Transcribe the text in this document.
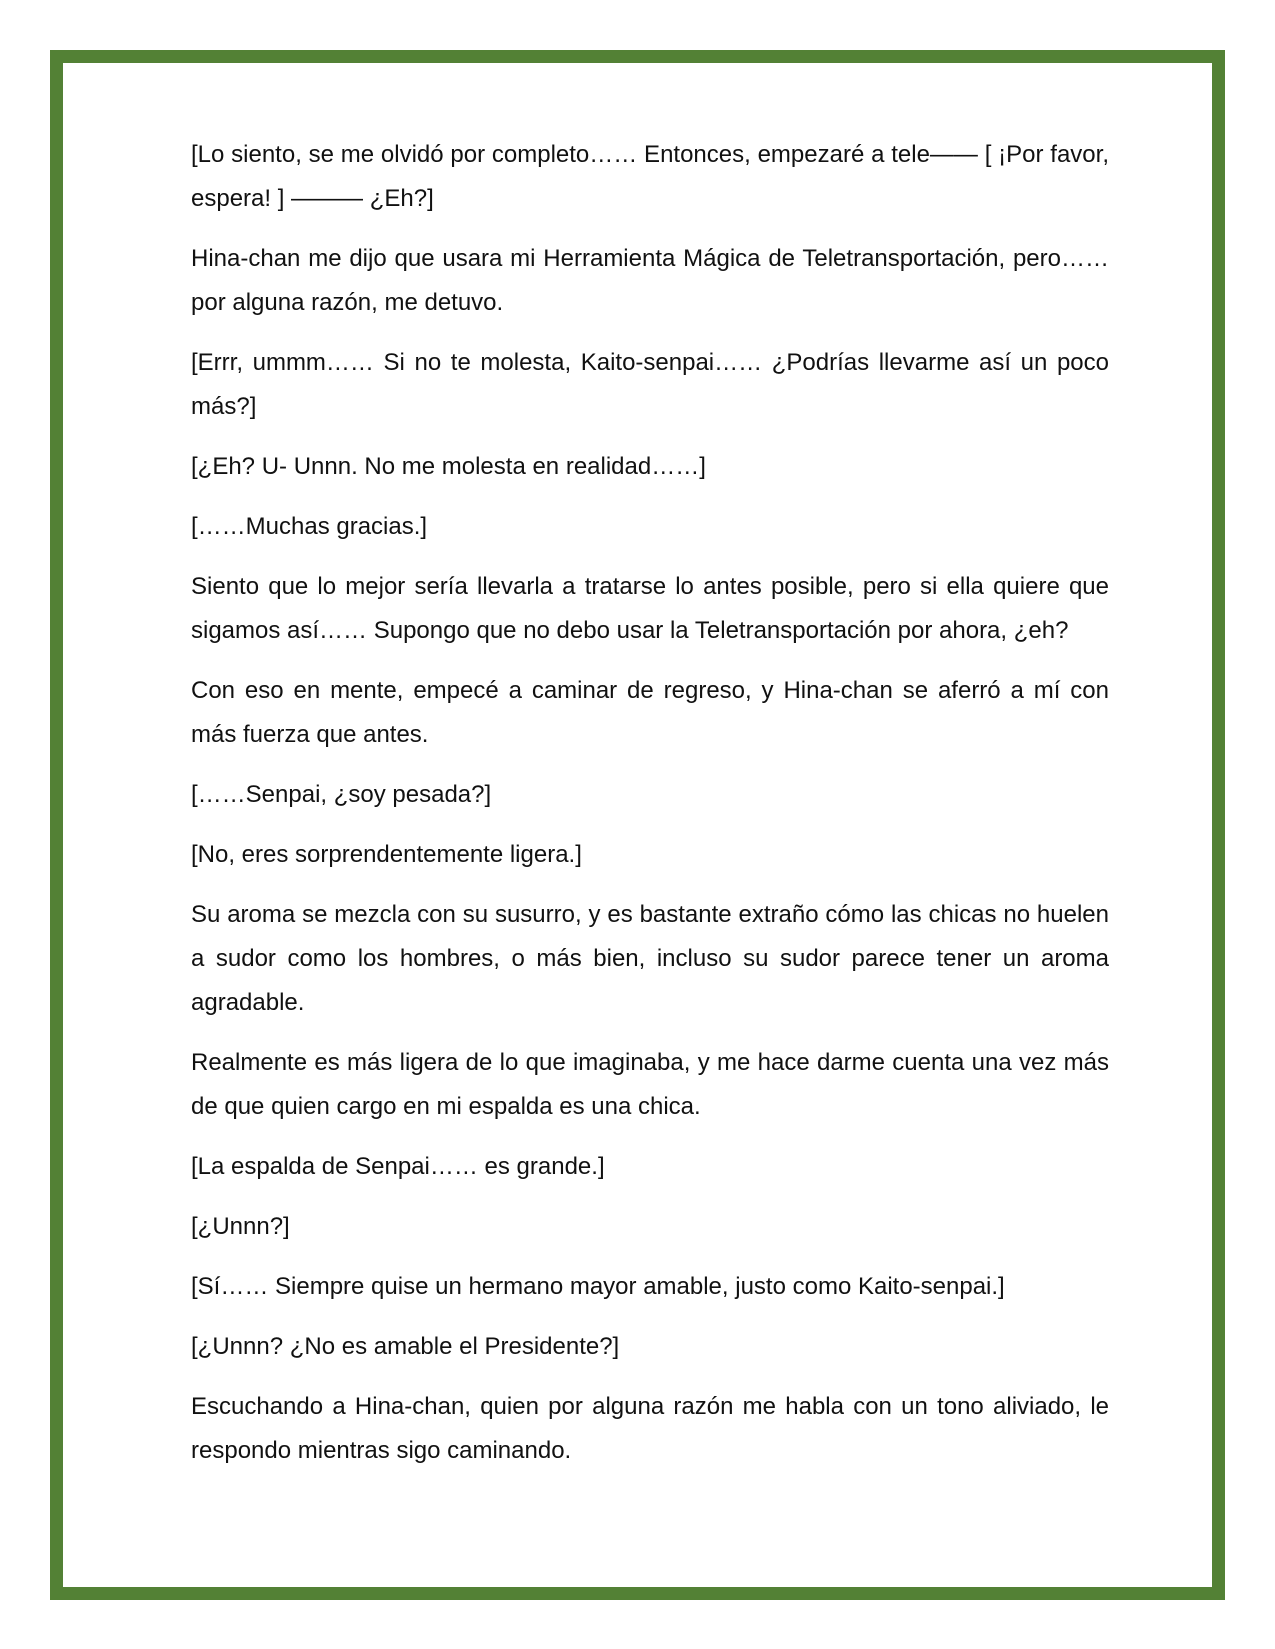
[Lo siento, se me olvidó por completo…… Entonces, empezaré a tele—— [ ¡Por favor, espera! ] ——— ¿Eh?]

Hina-chan me dijo que usara mi Herramienta Mágica de Teletransportación, pero…… por alguna razón, me detuvo.

[Errr, ummm…… Si no te molesta, Kaito-senpai…… ¿Podrías llevarme así un poco más?]

[¿Eh? U- Unnn. No me molesta en realidad……]

[……Muchas gracias.]

Siento que lo mejor sería llevarla a tratarse lo antes posible, pero si ella quiere que sigamos así…… Supongo que no debo usar la Teletransportación por ahora, ¿eh?

Con eso en mente, empecé a caminar de regreso, y Hina-chan se aferró a mí con más fuerza que antes.

[……Senpai, ¿soy pesada?]

[No, eres sorprendentemente ligera.]

Su aroma se mezcla con su susurro, y es bastante extraño cómo las chicas no huelen a sudor como los hombres, o más bien, incluso su sudor parece tener un aroma agradable.

Realmente es más ligera de lo que imaginaba, y me hace darme cuenta una vez más de que quien cargo en mi espalda es una chica.

[La espalda de Senpai…… es grande.]

[¿Unnn?]

[Sí…… Siempre quise un hermano mayor amable, justo como Kaito-senpai.]

[¿Unnn? ¿No es amable el Presidente?]

Escuchando a Hina-chan, quien por alguna razón me habla con un tono aliviado, le respondo mientras sigo caminando.
